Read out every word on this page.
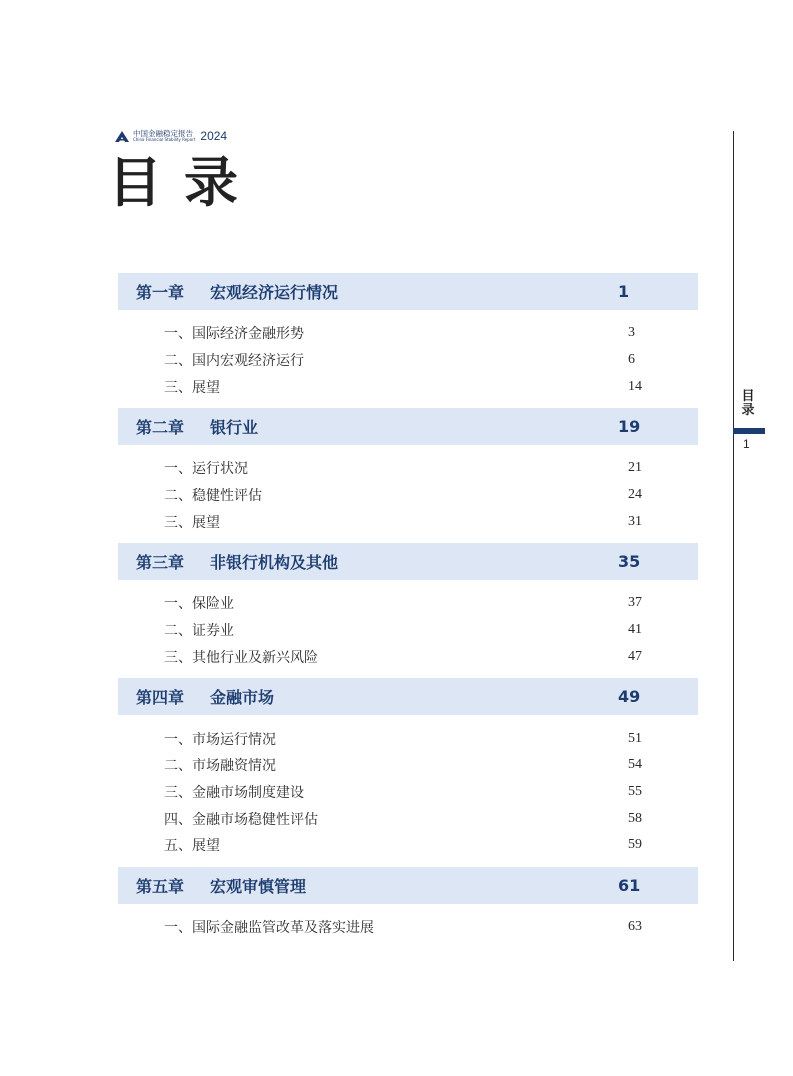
中国金融稳定报告
China Financial Stability Report 2024
目录
第一章	宏观经济运行情况	1
一、国际经济金融形势	3
二、国内宏观经济运行	6
三、展望	14
第二章	银行业	19
一、运行状况	21
二、稳健性评估	24
三、展望	31
第三章	非银行机构及其他	35
一、保险业	37
二、证券业	41
三、其他行业及新兴风险	47
第四章	金融市场	49
一、市场运行情况	51
二、市场融资情况	54
三、金融市场制度建设	55
四、金融市场稳健性评估	58
五、展望	59
第五章	宏观审慎管理	61
一、国际金融监管改革及落实进展	63
目
录
1
